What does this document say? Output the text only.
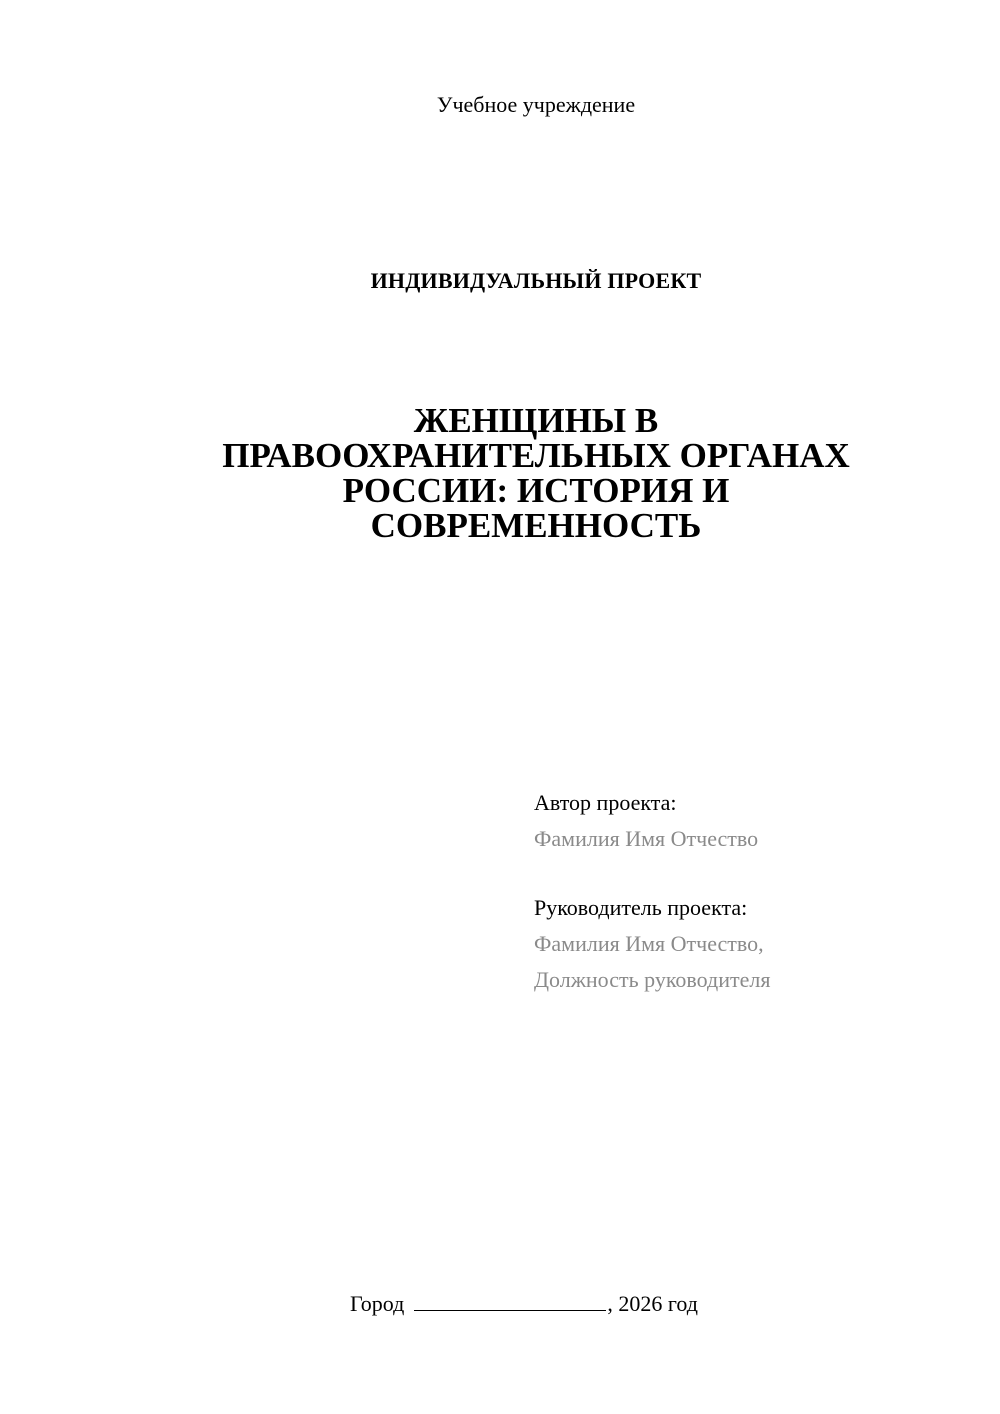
Учебное учреждение
ИНДИВИДУАЛЬНЫЙ ПРОЕКТ
ЖЕНЩИНЫ В
ПРАВООХРАНИТЕЛЬНЫХ ОРГАНАХ
РОССИИ: ИСТОРИЯ И
СОВРЕМЕННОСТЬ
Автор проекта:
Фамилия Имя Отчество
Руководитель проекта:
Фамилия Имя Отчество,
Должность руководителя
Город	, 2026 год
